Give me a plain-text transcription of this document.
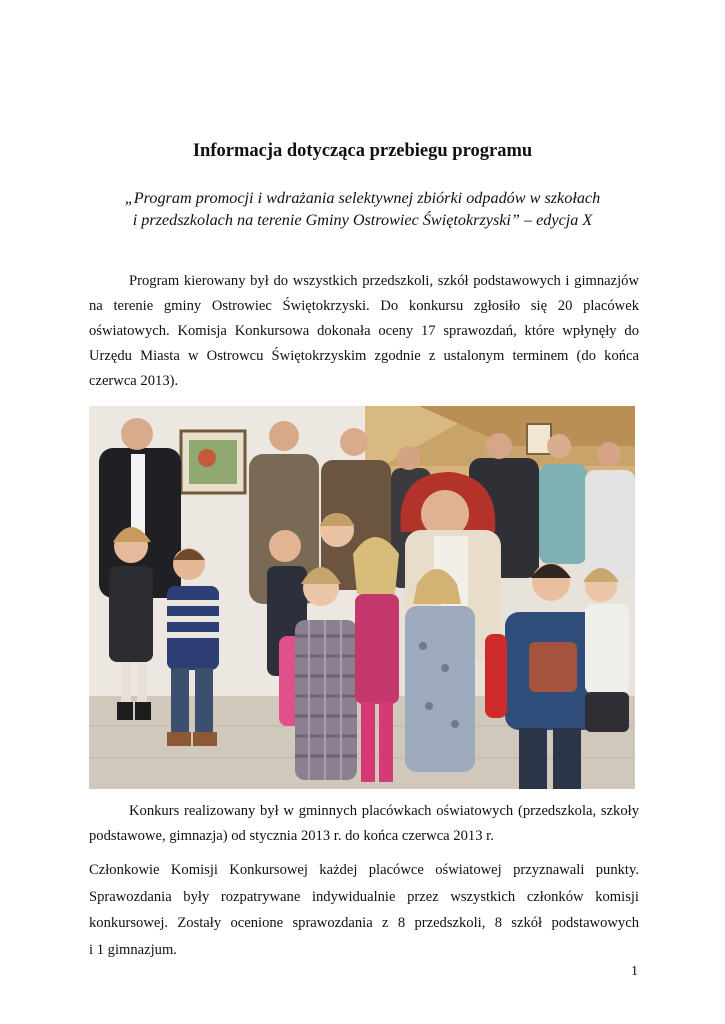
Informacja dotycząca przebiegu programu
„Program promocji i wdrażania selektywnej zbiórki odpadów w szkołach
i przedszkolach na terenie Gminy Ostrowiec Świętokrzyski” – edycja X
Program kierowany był do wszystkich przedszkoli, szkół podstawowych i gimnazjów
na terenie gminy Ostrowiec Świętokrzyski. Do konkursu zgłosiło się 20 placówek
oświatowych. Komisja Konkursowa dokonała oceny 17 sprawozdań, które wpłynęły do
Urzędu Miasta w Ostrowcu Świętokrzyskim zgodnie z ustalonym terminem (do końca
czerwca 2013).
Konkurs realizowany był w gminnych placówkach oświatowych (przedszkola, szkoły
podstawowe, gimnazja) od stycznia 2013 r. do końca czerwca 2013 r.
Członkowie Komisji Konkursowej każdej placówce oświatowej przyznawali punkty.
Sprawozdania były rozpatrywane indywidualnie przez wszystkich członków komisji
konkursowej. Zostały ocenione sprawozdania z 8 przedszkoli, 8 szkół podstawowych
i 1 gimnazjum.
1
